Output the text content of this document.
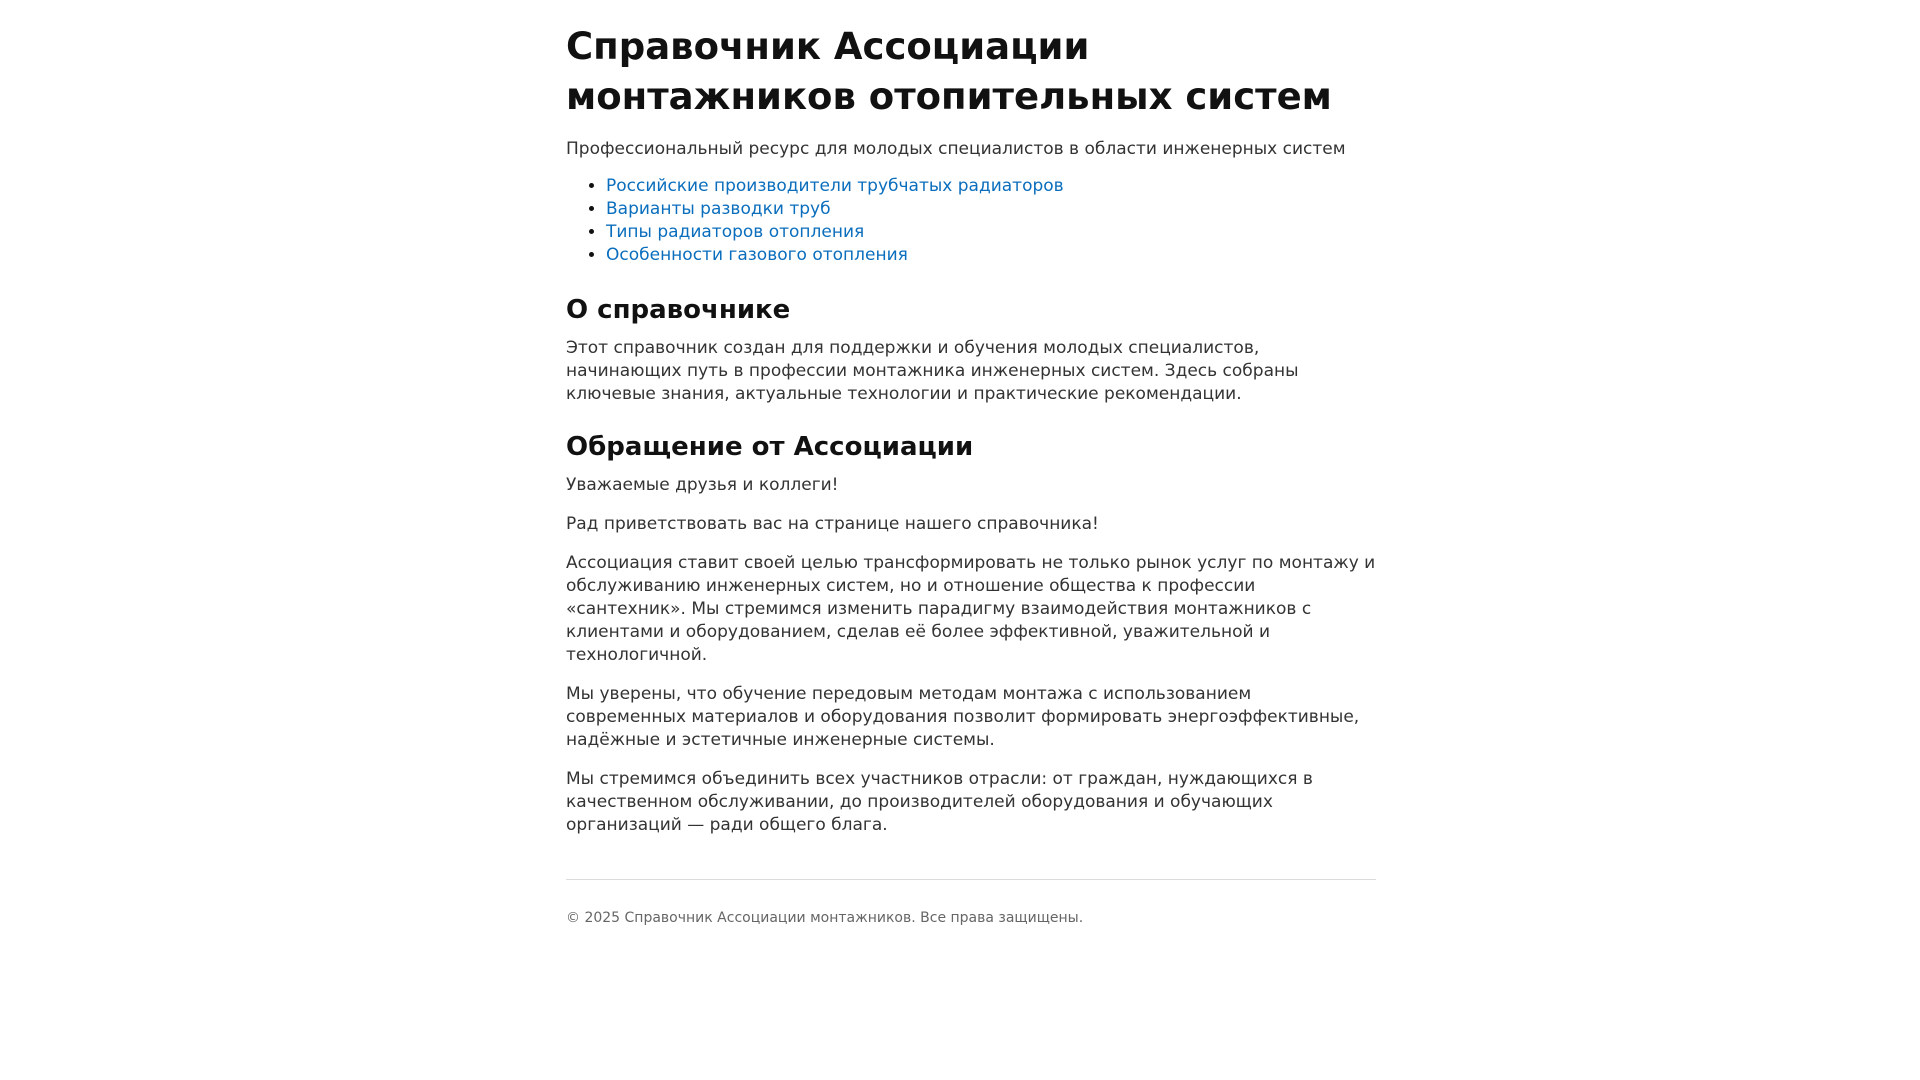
Справочник Ассоциации монтажников отопительных систем

Профессиональный ресурс для молодых специалистов в области инженерных систем

• Российские производители трубчатых радиаторов
• Варианты разводки труб
• Типы радиаторов отопления
• Особенности газового отопления
О справочнике

Этот справочник создан для поддержки и обучения молодых специалистов, начинающих путь в профессии монтажника инженерных систем. Здесь собраны ключевые знания, актуальные технологии и практические рекомендации.

Обращение от Ассоциации

Уважаемые друзья и коллеги!

Рад приветствовать вас на странице нашего справочника!

Ассоциация ставит своей целью трансформировать не только рынок услуг по монтажу и обслуживанию инженерных систем, но и отношение общества к профессии «сантехник». Мы стремимся изменить парадигму взаимодействия монтажников с клиентами и оборудованием, сделав её более эффективной, уважительной и технологичной.

Мы уверены, что обучение передовым методам монтажа с использованием современных материалов и оборудования позволит формировать энергоэффективные, надёжные и эстетичные инженерные системы.

Мы стремимся объединить всех участников отрасли: от граждан, нуждающихся в качественном обслуживании, до производителей оборудования и обучающих организаций — ради общего блага.

© 2025 Справочник Ассоциации монтажников. Все права защищены.
